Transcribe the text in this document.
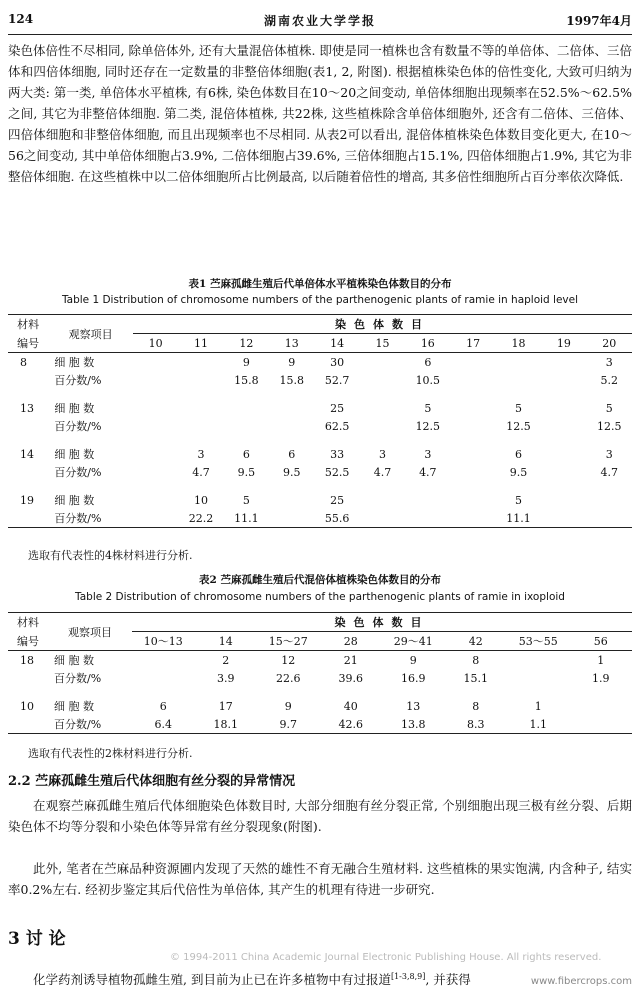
124	湖南农业大学学报	1997年4月
染色体倍性不尽相同, 除单倍体外, 还有大量混倍体植株. 即使是同一植株也含有数量不等的单倍体、二倍体、三倍体和四倍体细胞, 同时还存在一定数量的非整倍体细胞(表1, 2, 附图). 根据植株染色体的倍性变化, 大致可归纳为两大类: 第一类, 单倍体水平植株, 有6株, 染色体数目在10～20之间变动, 单倍体细胞出现频率在52.5%～62.5%之间, 其它为非整倍体细胞. 第二类, 混倍体植株, 共22株, 这些植株除含单倍体细胞外, 还含有二倍体、三倍体、四倍体细胞和非整倍体细胞, 而且出现频率也不尽相同. 从表2可以看出, 混倍体植株染色体数目变化更大, 在10～56之间变动, 其中单倍体细胞占3.9%, 二倍体细胞占39.6%, 三倍体细胞占15.1%, 四倍体细胞占1.9%, 其它为非整倍体细胞. 在这些植株中以二倍体细胞所占比例最高, 以后随着倍性的增高, 其多倍性细胞所占百分率依次降低.
表1 苎麻孤雌生殖后代单倍体水平植株染色体数目的分布
Table 1 Distribution of chromosome numbers of the parthenogenic plants of ramie in haploid level
材料	观察项目	染色体数目										
编号		10	11	12	13	14	15	16	17	18	19	20
8	细 胞 数			9	9	30		6				3
	百分数/%			15.8	15.8	52.7		10.5				5.2

13	细 胞 数					25		5		5		5
	百分数/%					62.5		12.5		12.5		12.5

14	细 胞 数		3	6	6	33	3	3		6		3
	百分数/%		4.7	9.5	9.5	52.5	4.7	4.7		9.5		4.7

19	细 胞 数		10	5		25				5		
	百分数/%		22.2	11.1		55.6				11.1		
选取有代表性的4株材料进行分析.
表2 苎麻孤雌生殖后代混倍体植株染色体数目的分布
Table 2 Distribution of chromosome numbers of the parthenogenic plants of ramie in ixoploid
材料	观察项目	染色体数目							
编号		10～13	14	15～27	28	29～41	42	53～55	56
18	细 胞 数		2	12	21	9	8		1
	百分数/%		3.9	22.6	39.6	16.9	15.1		1.9

10	细 胞 数	6	17	9	40	13	8	1	
	百分数/%	6.4	18.1	9.7	42.6	13.8	8.3	1.1	
选取有代表性的2株材料进行分析.
2.2 苎麻孤雌生殖后代体细胞有丝分裂的异常情况
在观察苎麻孤雌生殖后代体细胞染色体数目时, 大部分细胞有丝分裂正常, 个别细胞出现三极有丝分裂、后期染色体不均等分裂和小染色体等异常有丝分裂现象(附图).
此外, 笔者在苎麻品种资源圃内发现了天然的雄性不育无融合生殖材料. 这些植株的果实饱满, 内含种子, 结实率0.2%左右. 经初步鉴定其后代倍性为单倍体, 其产生的机理有待进一步研究.
3 讨 论
© 1994-2011 China Academic Journal Electronic Publishing House. All rights reserved.
化学药剂诱导植物孤雌生殖, 到目前为止已在许多植物中有过报道[1-3,8,9], 并获得	www.fibercrops.com
